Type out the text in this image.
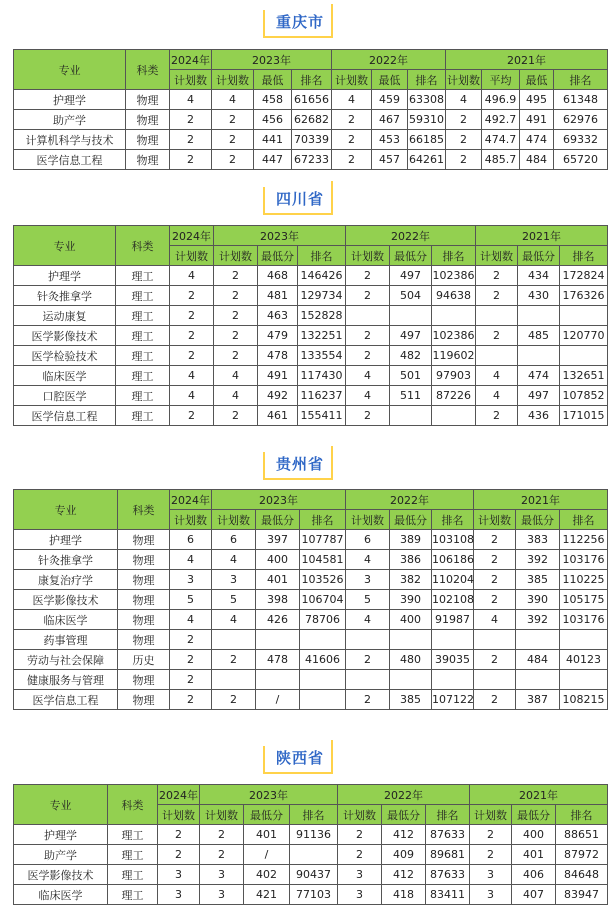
重庆市
专业	科类	2024年	2023年			2022年			2021年			
		计划数	计划数	最低	排名	计划数	最低	排名	计划数	平均	最低	排名
护理学	物理	4	4	458	61656	4	459	63308	4	496.9	495	61348
助产学	物理	2	2	456	62682	2	467	59310	2	492.7	491	62976
计算机科学与技术	物理	2	2	441	70339	2	453	66185	2	474.7	474	69332
医学信息工程	物理	2	2	447	67233	2	457	64261	2	485.7	484	65720
四川省
专业	科类	2024年	2023年			2022年			2021年		
		计划数	计划数	最低分	排名	计划数	最低分	排名	计划数	最低分	排名
护理学	理工	4	2	468	146426	2	497	102386	2	434	172824
针灸推拿学	理工	2	2	481	129734	2	504	94638	2	430	176326
运动康复	理工	2	2	463	152828						
医学影像技术	理工	2	2	479	132251	2	497	102386	2	485	120770
医学检验技术	理工	2	2	478	133554	2	482	119602			
临床医学	理工	4	4	491	117430	4	501	97903	4	474	132651
口腔医学	理工	4	4	492	116237	4	511	87226	4	497	107852
医学信息工程	理工	2	2	461	155411	2			2	436	171015
贵州省
专业	科类	2024年	2023年			2022年			2021年		
		计划数	计划数	最低分	排名	计划数	最低分	排名	计划数	最低分	排名
护理学	物理	6	6	397	107787	6	389	103108	2	383	112256
针灸推拿学	物理	4	4	400	104581	4	386	106186	2	392	103176
康复治疗学	物理	3	3	401	103526	3	382	110204	2	385	110225
医学影像技术	物理	5	5	398	106704	5	390	102108	2	390	105175
临床医学	物理	4	4	426	78706	4	400	91987	4	392	103176
药事管理	物理	2									
劳动与社会保障	历史	2	2	478	41606	2	480	39035	2	484	40123
健康服务与管理	物理	2									
医学信息工程	物理	2	2	/		2	385	107122	2	387	108215
陕西省
专业	科类	2024年	2023年			2022年			2021年		
		计划数	计划数	最低分	排名	计划数	最低分	排名	计划数	最低分	排名
护理学	理工	2	2	401	91136	2	412	87633	2	400	88651
助产学	理工	2	2	/		2	409	89681	2	401	87972
医学影像技术	理工	3	3	402	90437	3	412	87633	3	406	84648
临床医学	理工	3	3	421	77103	3	418	83411	3	407	83947
